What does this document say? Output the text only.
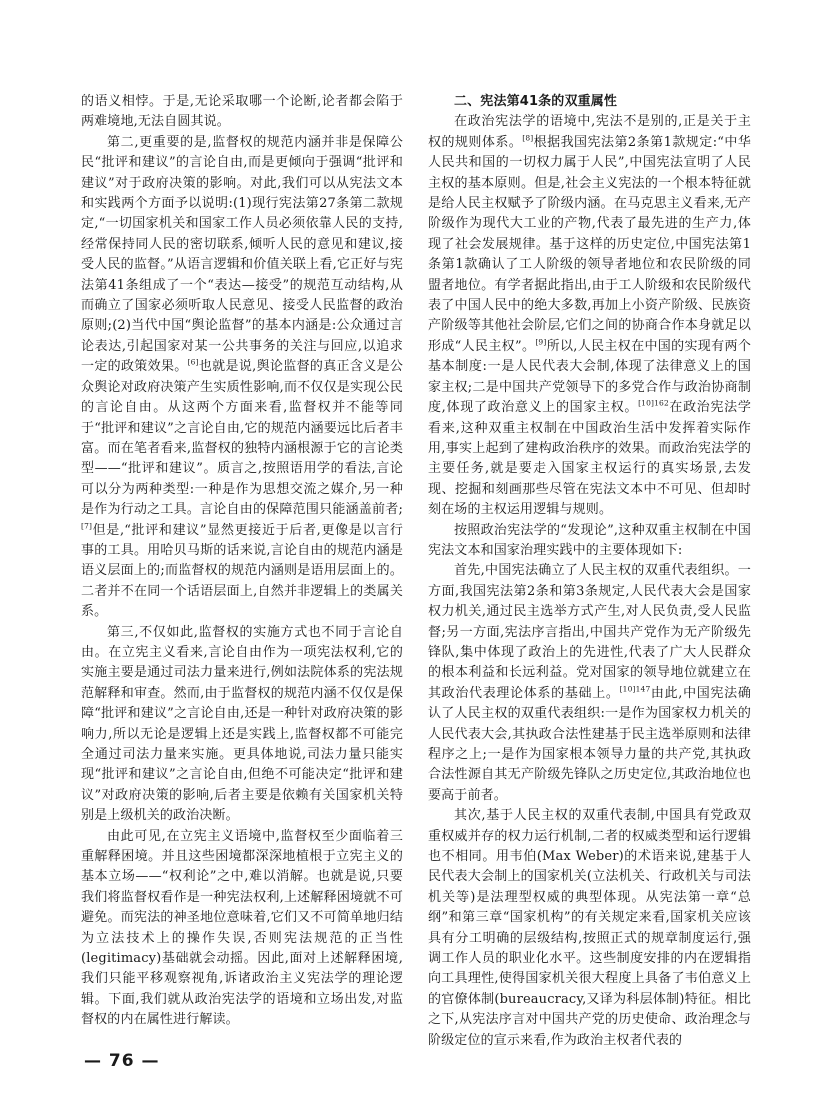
的语义相悖。于是,无论采取哪一个论断,论者都会陷于两难境地,无法自圆其说。

第二,更重要的是,监督权的规范内涵并非是保障公民“批评和建议”的言论自由,而是更倾向于强调“批评和建议”对于政府决策的影响。对此,我们可以从宪法文本和实践两个方面予以说明:(1)现行宪法第27条第二款规定,“一切国家机关和国家工作人员必须依靠人民的支持,经常保持同人民的密切联系,倾听人民的意见和建议,接受人民的监督。”从语言逻辑和价值关联上看,它正好与宪法第41条组成了一个“表达—接受”的规范互动结构,从而确立了国家必须听取人民意见、接受人民监督的政治原则;(2)当代中国“舆论监督”的基本内涵是:公众通过言论表达,引起国家对某一公共事务的关注与回应,以追求一定的政策效果。[6]也就是说,舆论监督的真正含义是公众舆论对政府决策产生实质性影响,而不仅仅是实现公民的言论自由。从这两个方面来看,监督权并不能等同于“批评和建议”之言论自由,它的规范内涵要远比后者丰富。而在笔者看来,监督权的独特内涵根源于它的言论类型——“批评和建议”。质言之,按照语用学的看法,言论可以分为两种类型:一种是作为思想交流之媒介,另一种是作为行动之工具。言论自由的保障范围只能涵盖前者;[7]但是,“批评和建议”显然更接近于后者,更像是以言行事的工具。用哈贝马斯的话来说,言论自由的规范内涵是语义层面上的;而监督权的规范内涵则是语用层面上的。二者并不在同一个话语层面上,自然并非逻辑上的类属关系。

第三,不仅如此,监督权的实施方式也不同于言论自由。在立宪主义看来,言论自由作为一项宪法权利,它的实施主要是通过司法力量来进行,例如法院体系的宪法规范解释和审查。然而,由于监督权的规范内涵不仅仅是保障“批评和建议”之言论自由,还是一种针对政府决策的影响力,所以无论是逻辑上还是实践上,监督权都不可能完全通过司法力量来实施。更具体地说,司法力量只能实现“批评和建议”之言论自由,但绝不可能决定“批评和建议”对政府决策的影响,后者主要是依赖有关国家机关特别是上级机关的政治决断。

由此可见,在立宪主义语境中,监督权至少面临着三重解释困境。并且这些困境都深深地植根于立宪主义的基本立场——“权利论”之中,难以消解。也就是说,只要我们将监督权看作是一种宪法权利,上述解释困境就不可避免。而宪法的神圣地位意味着,它们又不可简单地归结为立法技术上的操作失误,否则宪法规范的正当性(legitimacy)基础就会动摇。因此,面对上述解释困境,我们只能平移观察视角,诉诸政治主义宪法学的理论逻辑。下面,我们就从政治宪法学的语境和立场出发,对监督权的内在属性进行解读。

二、宪法第41条的双重属性

在政治宪法学的语境中,宪法不是别的,正是关于主权的规则体系。[8]根据我国宪法第2条第1款规定:“中华人民共和国的一切权力属于人民”,中国宪法宣明了人民主权的基本原则。但是,社会主义宪法的一个根本特征就是给人民主权赋予了阶级内涵。在马克思主义看来,无产阶级作为现代大工业的产物,代表了最先进的生产力,体现了社会发展规律。基于这样的历史定位,中国宪法第1条第1款确认了工人阶级的领导者地位和农民阶级的同盟者地位。有学者据此指出,由于工人阶级和农民阶级代表了中国人民中的绝大多数,再加上小资产阶级、民族资产阶级等其他社会阶层,它们之间的协商合作本身就足以形成“人民主权”。[9]所以,人民主权在中国的实现有两个基本制度:一是人民代表大会制,体现了法律意义上的国家主权;二是中国共产党领导下的多党合作与政治协商制度,体现了政治意义上的国家主权。$^{[10]162}$在政治宪法学看来,这种双重主权制在中国政治生活中发挥着实际作用,事实上起到了建构政治秩序的效果。而政治宪法学的主要任务,就是要走入国家主权运行的真实场景,去发现、挖掘和刻画那些尽管在宪法文本中不可见、但却时刻在场的主权运用逻辑与规则。

按照政治宪法学的“发现论”,这种双重主权制在中国宪法文本和国家治理实践中的主要体现如下:

首先,中国宪法确立了人民主权的双重代表组织。一方面,我国宪法第2条和第3条规定,人民代表大会是国家权力机关,通过民主选举方式产生,对人民负责,受人民监督;另一方面,宪法序言指出,中国共产党作为无产阶级先锋队,集中体现了政治上的先进性,代表了广大人民群众的根本利益和长远利益。党对国家的领导地位就建立在其政治代表理论体系的基础上。$^{[10]147}$由此,中国宪法确认了人民主权的双重代表组织:一是作为国家权力机关的人民代表大会,其执政合法性建基于民主选举原则和法律程序之上;一是作为国家根本领导力量的共产党,其执政合法性源自其无产阶级先锋队之历史定位,其政治地位也要高于前者。

其次,基于人民主权的双重代表制,中国具有党政双重权威并存的权力运行机制,二者的权威类型和运行逻辑也不相同。用韦伯(Max Weber)的术语来说,建基于人民代表大会制上的国家机关(立法机关、行政机关与司法机关等)是法理型权威的典型体现。从宪法第一章“总纲”和第三章“国家机构”的有关规定来看,国家机关应该具有分工明确的层级结构,按照正式的规章制度运行,强调工作人员的职业化水平。这些制度安排的内在逻辑指向工具理性,使得国家机关很大程度上具备了韦伯意义上的官僚体制(bureaucracy,又译为科层体制)特征。相比之下,从宪法序言对中国共产党的历史使命、政治理念与阶级定位的宣示来看,作为政治主权者代表的

— 76 —
